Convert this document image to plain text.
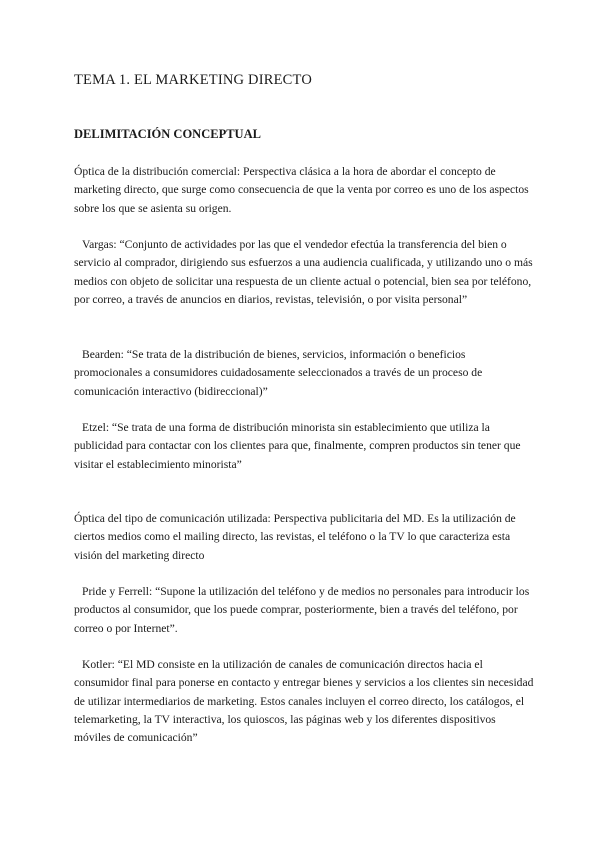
TEMA 1. EL MARKETING DIRECTO
DELIMITACIÓN CONCEPTUAL

Óptica de la distribución comercial: Perspectiva clásica a la hora de abordar el concepto de marketing directo, que surge como consecuencia de que la venta por correo es uno de los aspectos sobre los que se asienta su origen.

Vargas: “Conjunto de actividades por las que el vendedor efectúa la transferencia del bien o servicio al comprador, dirigiendo sus esfuerzos a una audiencia cualificada, y utilizando uno o más medios con objeto de solicitar una respuesta de un cliente actual o potencial, bien sea por teléfono, por correo, a través de anuncios en diarios, revistas, televisión, o por visita personal”

Bearden: “Se trata de la distribución de bienes, servicios, información o beneficios promocionales a consumidores cuidadosamente seleccionados a través de un proceso de comunicación interactivo (bidireccional)”

Etzel: “Se trata de una forma de distribución minorista sin establecimiento que utiliza la publicidad para contactar con los clientes para que, finalmente, compren productos sin tener que visitar el establecimiento minorista”

Óptica del tipo de comunicación utilizada: Perspectiva publicitaria del MD. Es la utilización de ciertos medios como el mailing directo, las revistas, el teléfono o la TV lo que caracteriza esta visión del marketing directo

Pride y Ferrell: “Supone la utilización del teléfono y de medios no personales para introducir los productos al consumidor, que los puede comprar, posteriormente, bien a través del teléfono, por correo o por Internet”.

Kotler: “El MD consiste en la utilización de canales de comunicación directos hacia el consumidor final para ponerse en contacto y entregar bienes y servicios a los clientes sin necesidad de utilizar intermediarios de marketing. Estos canales incluyen el correo directo, los catálogos, el telemarketing, la TV interactiva, los quioscos, las páginas web y los diferentes dispositivos móviles de comunicación”
